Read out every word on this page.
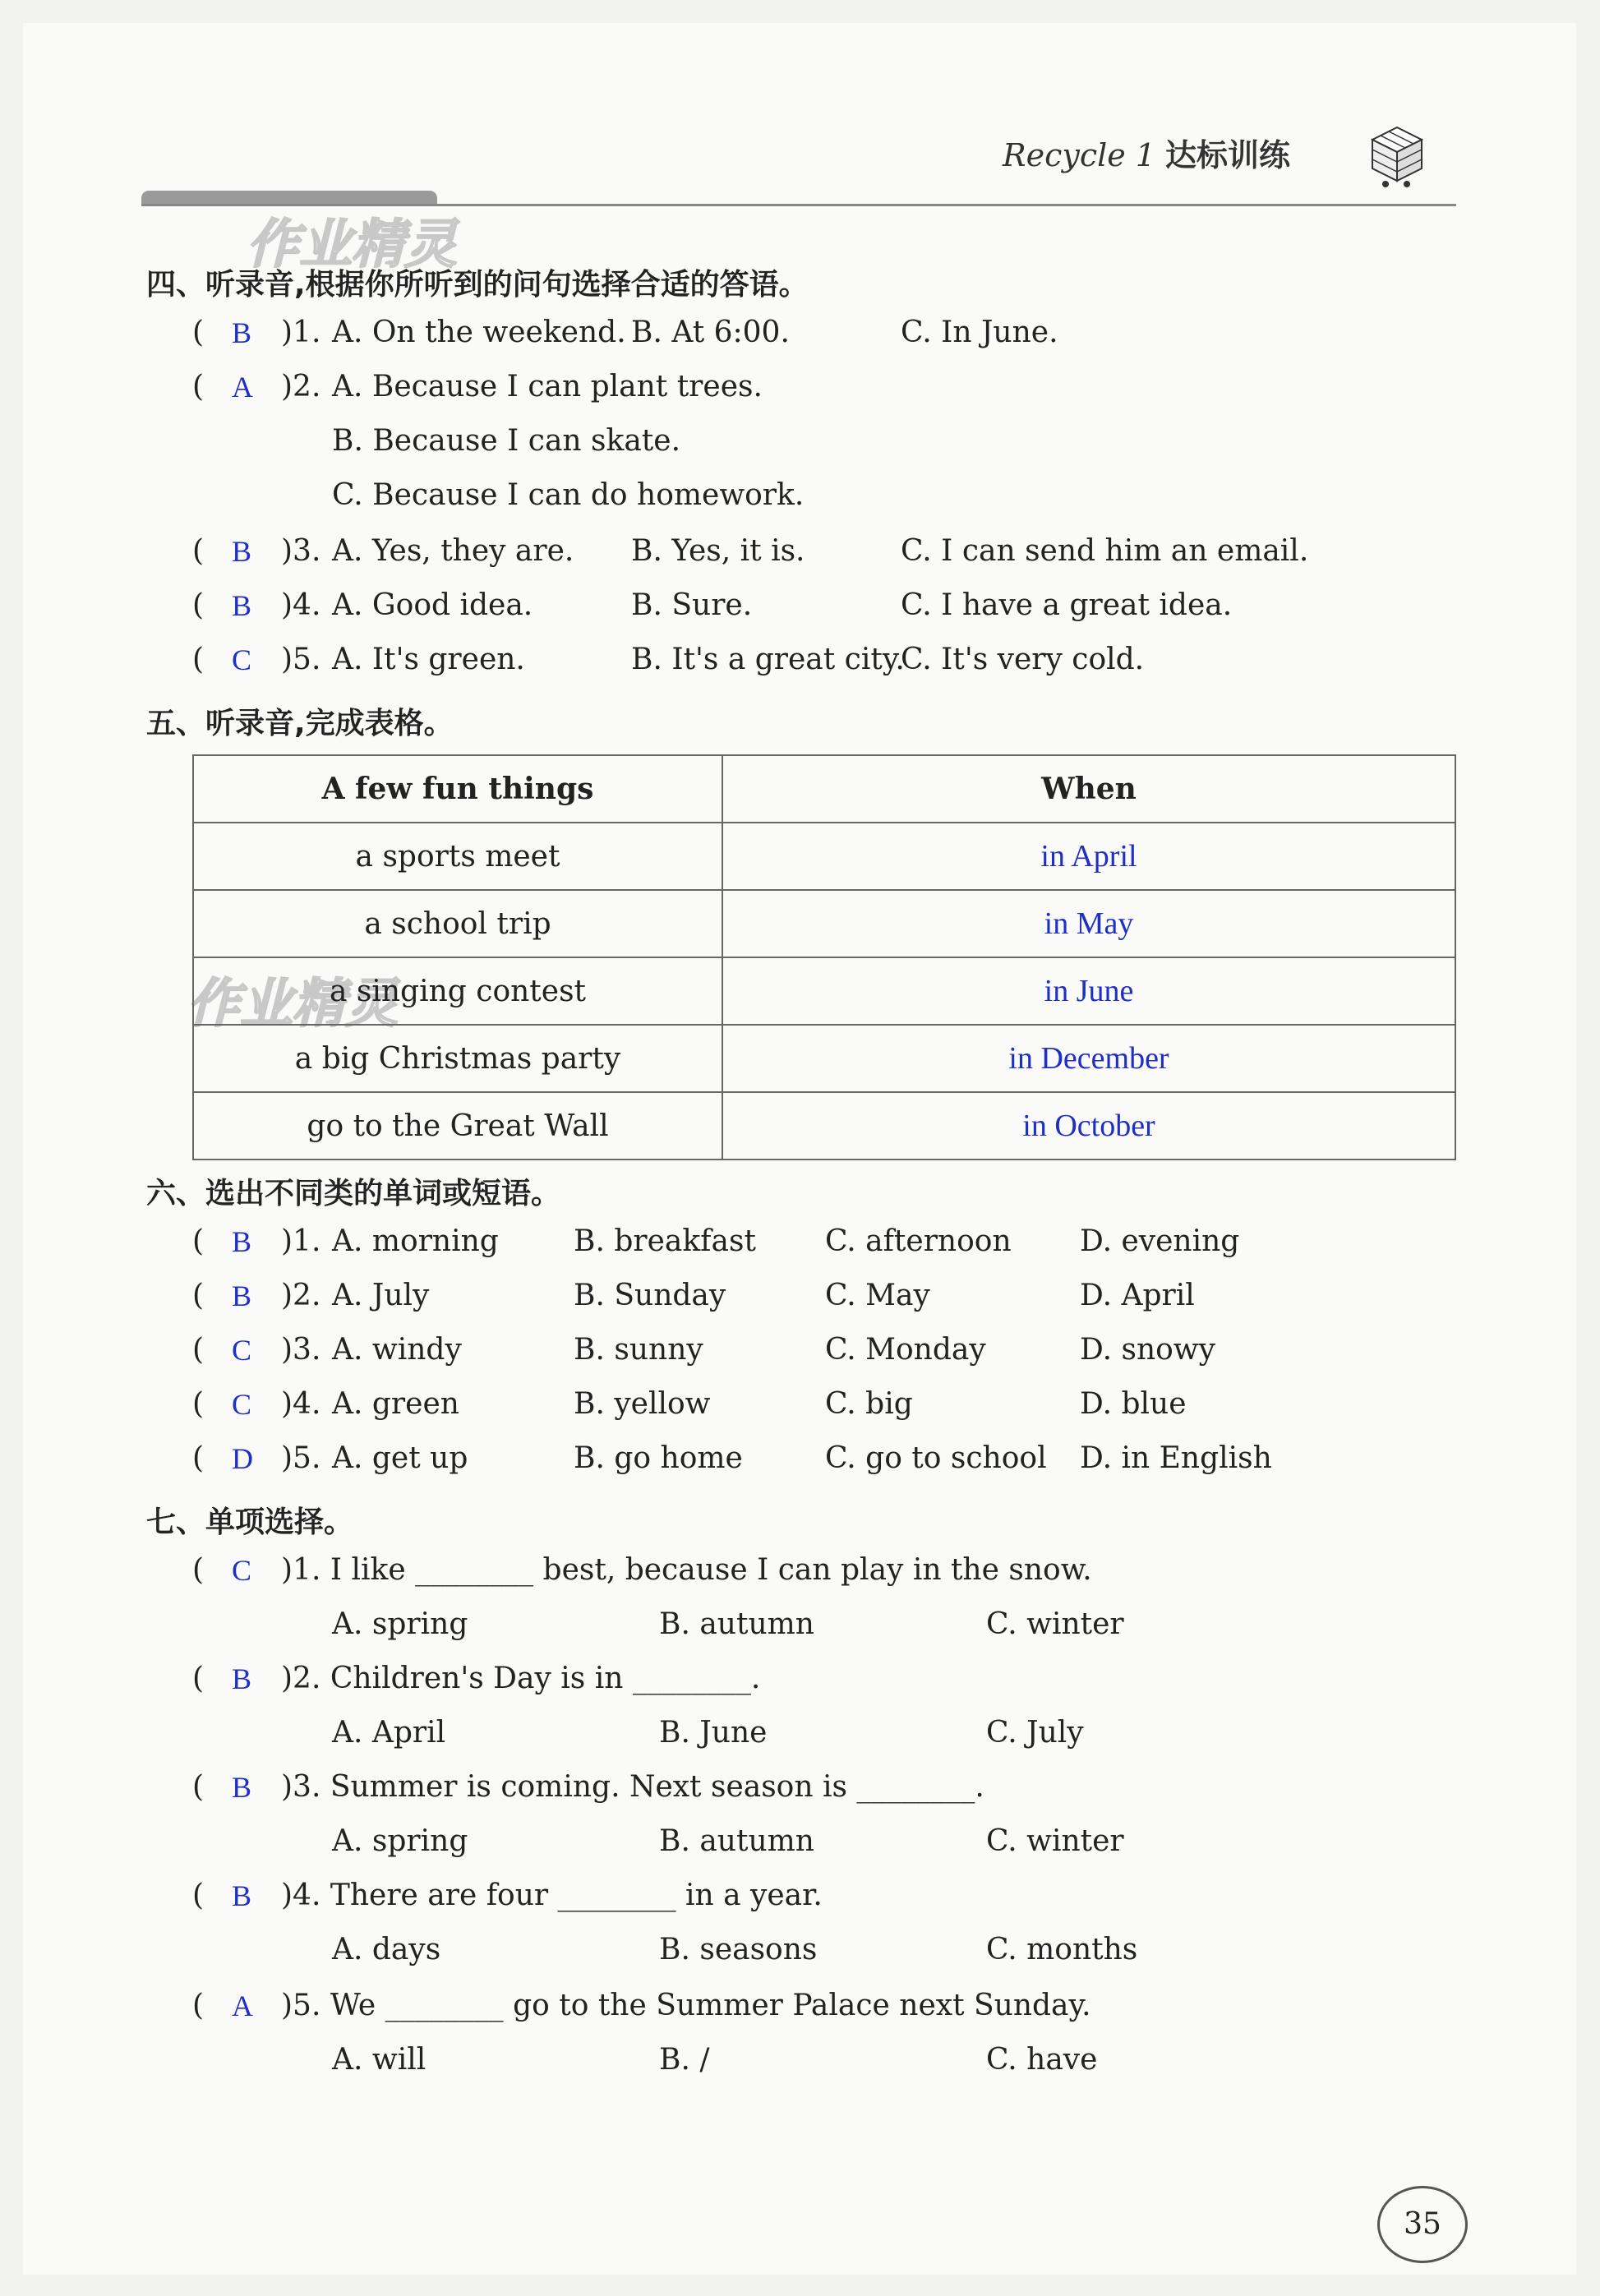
Recycle 1 达标训练
作业精灵
作业精灵
四、听录音,根据你所听到的问句选择合适的答语。
( B )1. A. On the weekend. B. At 6:00.	C. In June.
( A )2. A. Because I can plant trees.
B. Because I can skate.
C. Because I can do homework.
( B )3. A. Yes, they are. B. Yes, it is.	C. I can send him an email.
( B )4. A. Good idea.	B. Sure.	C. I have a great idea.
( C )5. A. It's green.	B. It's a great city.
C. It's very cold.
五、听录音,完成表格。
A few fun things	When
a sports meet	in April
a school trip	in May
a singing contest	in June
a big Christmas party	in December
go to the Great Wall	in October
六、选出不同类的单词或短语。
( B )1. A. morning	B. breakfast C. afternoon D. evening
( B )2. A. July	B. Sunday	C. May	D. April
( C )3. A. windy	B. sunny	C. Monday	D. snowy
( C )4. A. green	B. yellow	C. big	D. blue
( D )5. A. get up	B. go home	C. go to school D. in English
七、单项选择。
( C )1. I like ________ best, because I can play in the snow.
A. spring	B. autumn	C. winter
( B )2. Children's Day is in ________.
A. April	B. June	C. July
( B )3. Summer is coming. Next season is ________.
A. spring	B. autumn	C. winter
( B )4. There are four ________ in a year.
A. days	B. seasons	C. months
( A )5. We ________ go to the Summer Palace next Sunday.
A. will	B. /	C. have
35
